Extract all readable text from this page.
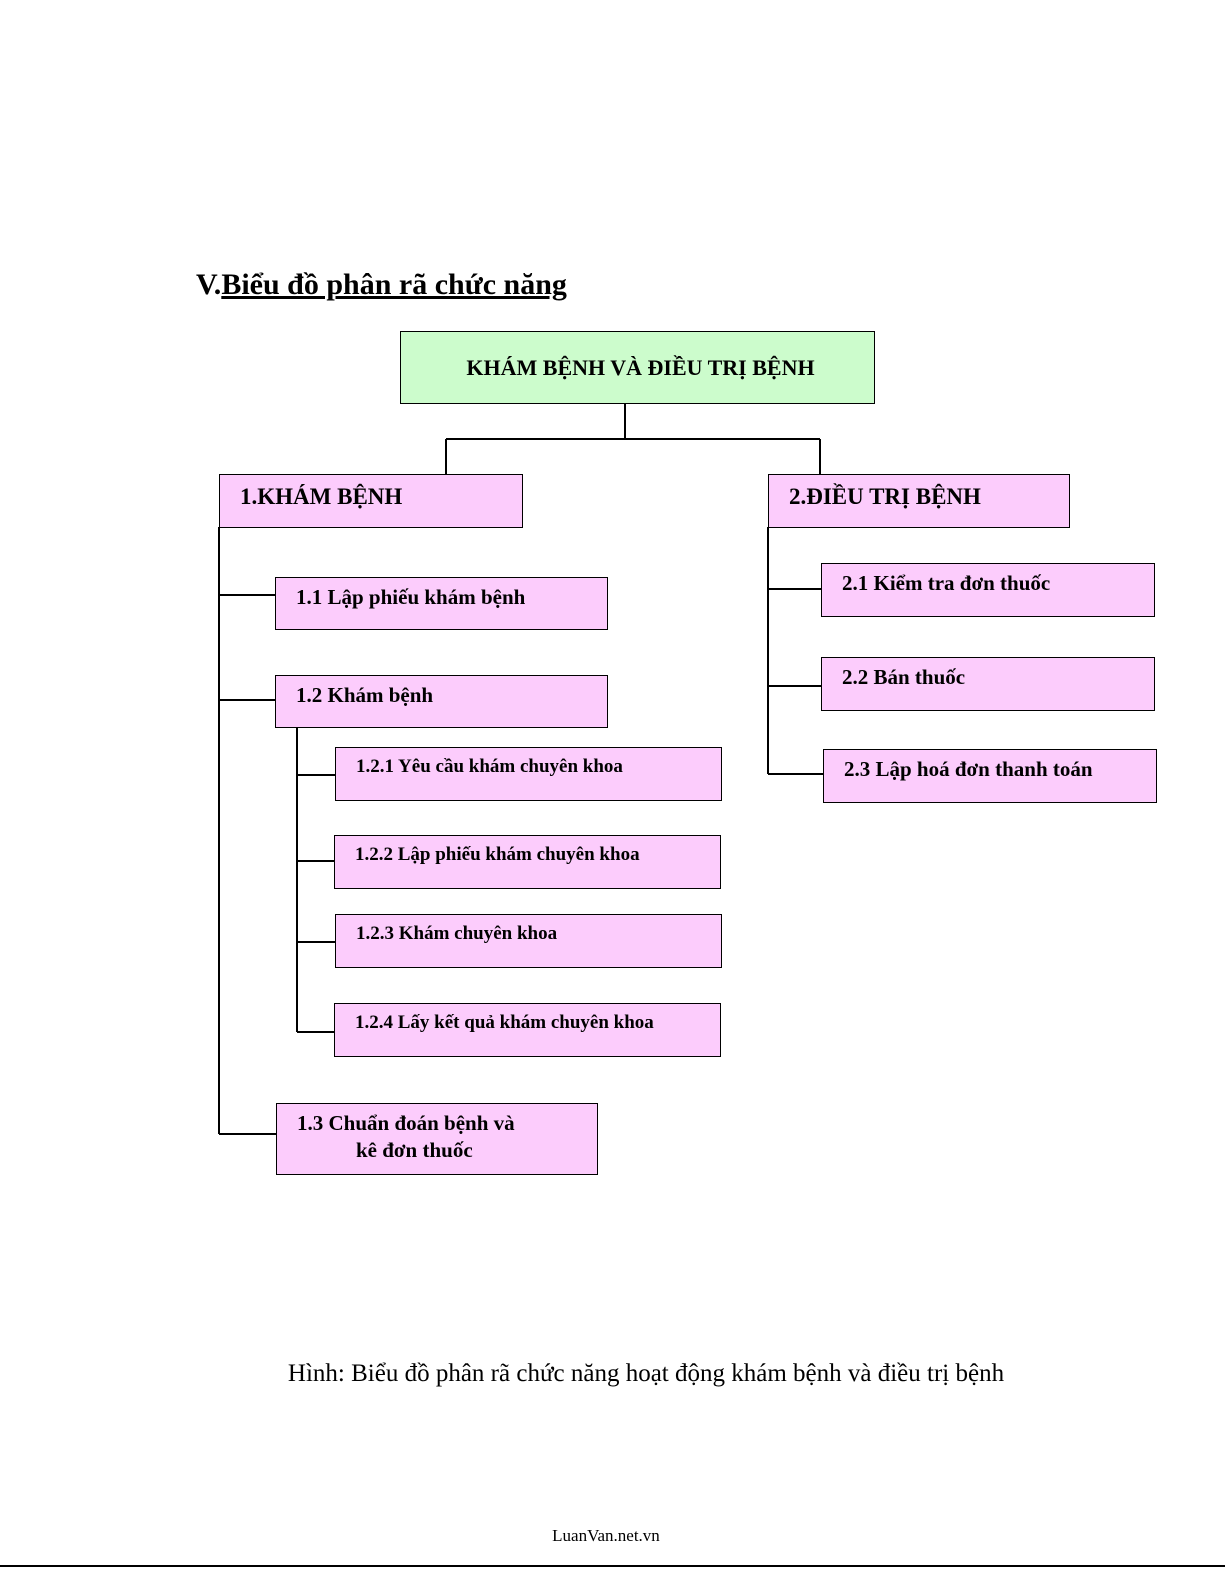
V.Biểu đồ phân rã chức năng
KHÁM BỆNH VÀ ĐIỀU TRỊ BỆNH
1.KHÁM BỆNH	2.ĐIỀU TRỊ BỆNH
1.1 Lập phiếu khám bệnh
1.2 Khám bệnh
1.2.1 Yêu cầu khám chuyên khoa
1.2.2 Lập phiếu khám chuyên khoa
1.2.3 Khám chuyên khoa
1.2.4 Lấy kết quả khám chuyên khoa
1.3 Chuẩn đoán bệnh và
kê đơn thuốc
2.1 Kiểm tra đơn thuốc
2.2 Bán thuốc
2.3 Lập hoá đơn thanh toán
Hình: Biểu đồ phân rã chức năng hoạt động khám bệnh và điều trị bệnh
LuanVan.net.vn
